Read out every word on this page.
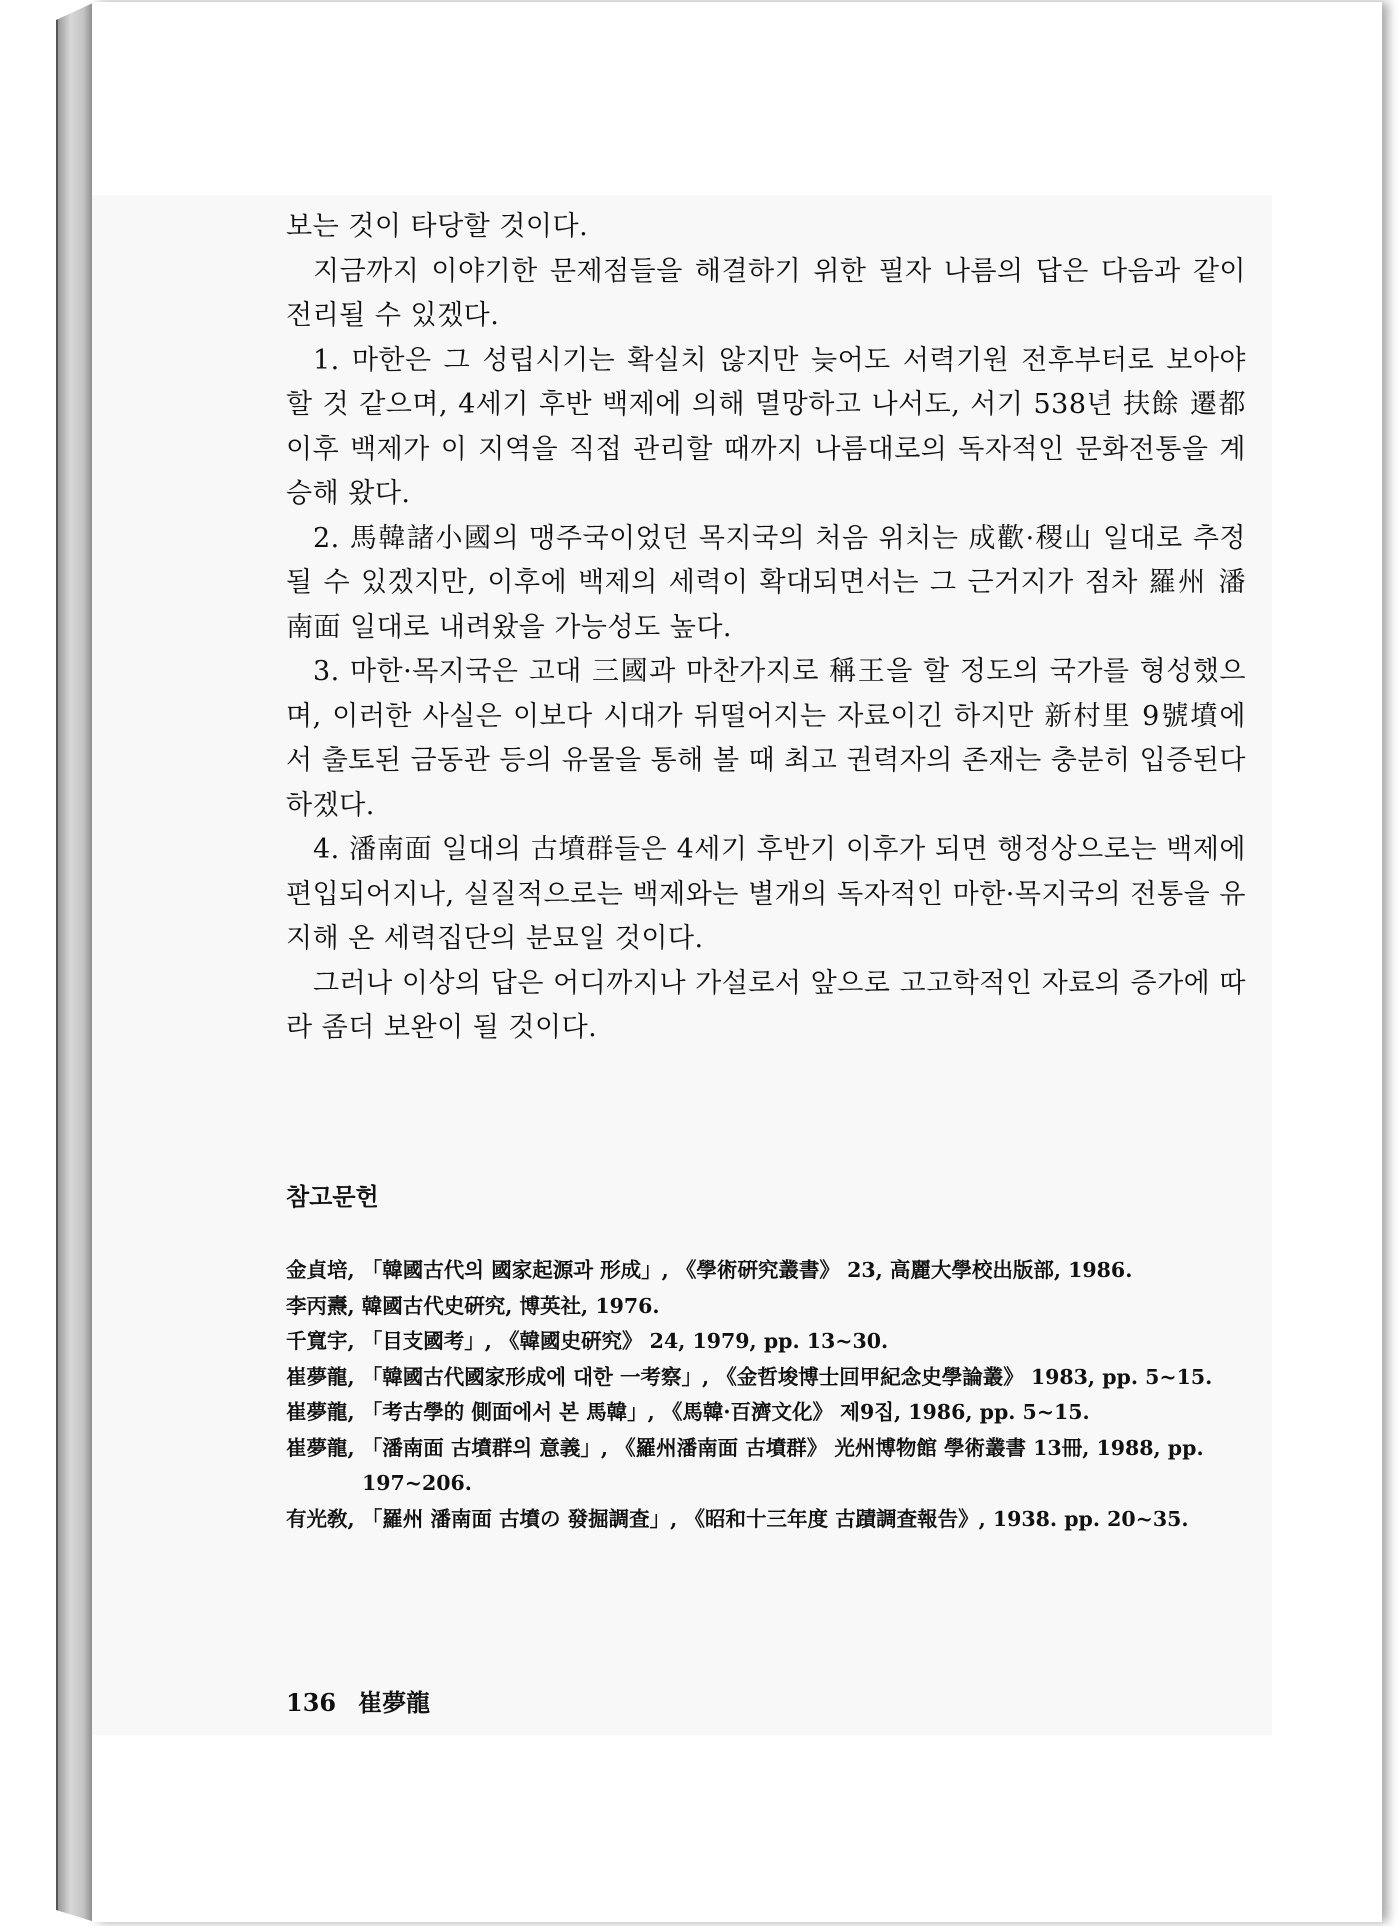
보는 것이 타당할 것이다.

지금까지 이야기한 문제점들을 해결하기 위한 필자 나름의 답은 다음과 같이 전리될 수 있겠다.

1. 마한은 그 성립시기는 확실치 않지만 늦어도 서력기원 전후부터로 보아야 할 것 같으며, 4세기 후반 백제에 의해 멸망하고 나서도, 서기 538년 扶餘 遷都 이후 백제가 이 지역을 직접 관리할 때까지 나름대로의 독자적인 문화전통을 계승해 왔다.

2. 馬韓諸小國의 맹주국이었던 목지국의 처음 위치는 成歡·稷山 일대로 추정될 수 있겠지만, 이후에 백제의 세력이 확대되면서는 그 근거지가 점차 羅州 潘南面 일대로 내려왔을 가능성도 높다.

3. 마한·목지국은 고대 三國과 마찬가지로 稱王을 할 정도의 국가를 형성했으며, 이러한 사실은 이보다 시대가 뒤떨어지는 자료이긴 하지만 新村里 9號墳에서 출토된 금동관 등의 유물을 통해 볼 때 최고 권력자의 존재는 충분히 입증된다 하겠다.

4. 潘南面 일대의 古墳群들은 4세기 후반기 이후가 되면 행정상으로는 백제에 편입되어지나, 실질적으로는 백제와는 별개의 독자적인 마한·목지국의 전통을 유지해 온 세력집단의 분묘일 것이다.

그러나 이상의 답은 어디까지나 가설로서 앞으로 고고학적인 자료의 증가에 따라 좀더 보완이 될 것이다.

참고문헌

金貞培, 「韓國古代의 國家起源과 形成」, 《學術硏究叢書》 23, 高麗大學校出版部, 1986.

李丙燾, 韓國古代史硏究, 博英社, 1976.

千寬宇, 「目支國考」, 《韓國史硏究》 24, 1979, pp. 13~30.

崔夢龍, 「韓國古代國家形成에 대한 一考察」, 《金哲埈博士回甲紀念史學論叢》 1983, pp. 5~15.

崔夢龍, 「考古學的 側面에서 본 馬韓」, 《馬韓·百濟文化》 제9집, 1986, pp. 5~15.

崔夢龍, 「潘南面 古墳群의 意義」, 《羅州潘南面 古墳群》 光州博物館 學術叢書 13冊, 1988, pp. 197~206.

有光敎, 「羅州 潘南面 古墳の 發掘調査」, 《昭和十三年度 古蹟調査報告》, 1938. pp. 20~35.

136 崔夢龍
